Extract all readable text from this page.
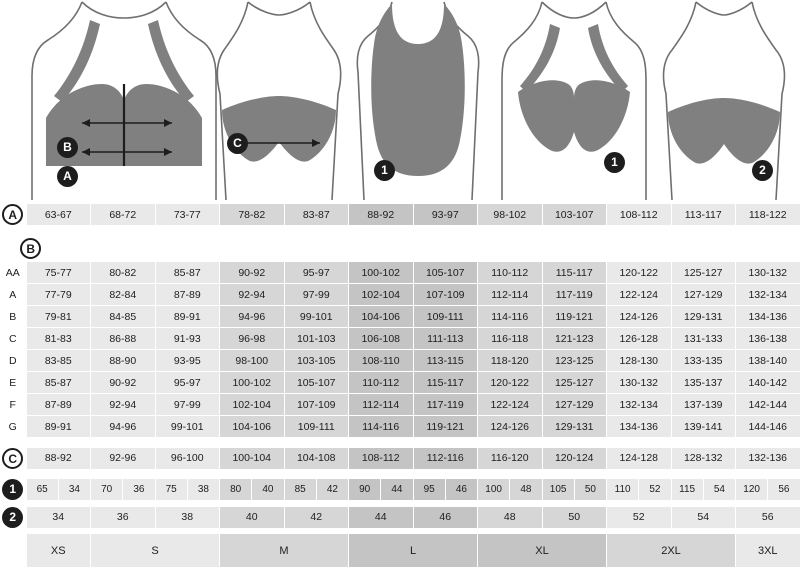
B
A
C
1
1
2
A	63-67	68-72	73-77	78-82	83-87	88-92	93-97	98-102	103-107	108-112	113-117	118-122

B	
AA	75-77	80-82	85-87	90-92	95-97	100-102	105-107	110-112	115-117	120-122	125-127	130-132
A	77-79	82-84	87-89	92-94	97-99	102-104	107-109	112-114	117-119	122-124	127-129	132-134
B	79-81	84-85	89-91	94-96	99-101	104-106	109-111	114-116	119-121	124-126	129-131	134-136
C	81-83	86-88	91-93	96-98	101-103	106-108	111-113	116-118	121-123	126-128	131-133	136-138
D	83-85	88-90	93-95	98-100	103-105	108-110	113-115	118-120	123-125	128-130	133-135	138-140
E	85-87	90-92	95-97	100-102	105-107	110-112	115-117	120-122	125-127	130-132	135-137	140-142
F	87-89	92-94	97-99	102-104	107-109	112-114	117-119	122-124	127-129	132-134	137-139	142-144
G	89-91	94-96	99-101	104-106	109-111	114-116	119-121	124-126	129-131	134-136	139-141	144-146

C	88-92	92-96	96-100	100-104	104-108	108-112	112-116	116-120	120-124	124-128	128-132	132-136

1	65	34	70	36	75	38	80	40	85	42	90	44	95	46	100	48	105	50	110	52	115	54	120	56

2	34	36	38	40	42	44	46	48	50	52	54	56

	XS	S	M	L	XL	2XL	3XL
